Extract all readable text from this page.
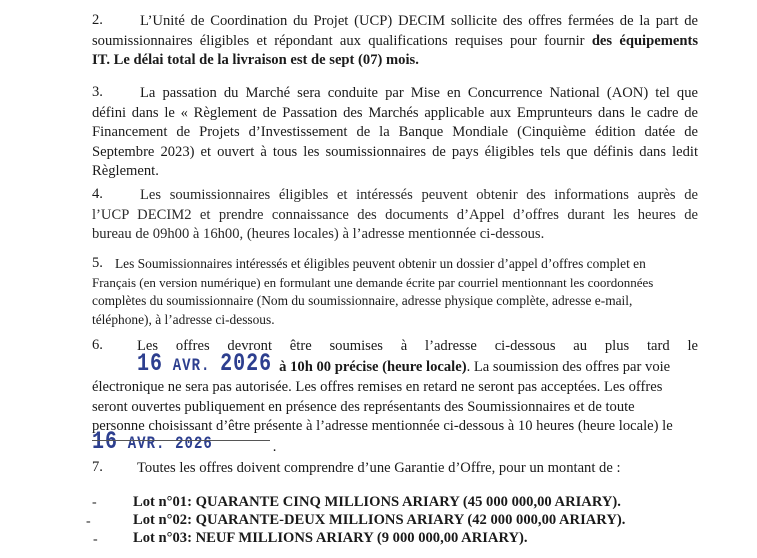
2.	L’Unité de Coordination du Projet (UCP) DECIM sollicite des offres fermées de la part de
soumissionnaires éligibles et répondant aux qualifications requises pour fournir des équipements
IT. Le délai total de la livraison est de sept (07) mois.
3.	La passation du Marché sera conduite par Mise en Concurrence National (AON) tel que
défini dans le « Règlement de Passation des Marchés applicable aux Emprunteurs dans le cadre de
Financement de Projets d’Investissement de la Banque Mondiale (Cinquième édition datée de
Septembre 2023) et ouvert à tous les soumissionnaires de pays éligibles tels que définis dans ledit
Règlement.
4.	Les soumissionnaires éligibles et intéressés peuvent obtenir des informations auprès de
l’UCP DECIM2 et prendre connaissance des documents d’Appel d’offres durant les heures de
bureau de 09h00 à 16h00, (heures locales) à l’adresse mentionnée ci-dessous.
5. Les Soumissionnaires intéressés et éligibles peuvent obtenir un dossier d’appel d’offres complet en
Français (en version numérique) en formulant une demande écrite par courriel mentionnant les coordonnées
complètes du soumissionnaire (Nom du soumissionnaire, adresse physique complète, adresse e-mail,
téléphone), à l’adresse ci-dessous.
6.	Les offres devront être soumises à l’adresse ci-dessous au plus tard le
16 AVR. 2026 à 10h 00 précise (heure locale). La soumission des offres par voie
électronique ne sera pas autorisée. Les offres remises en retard ne seront pas acceptées. Les offres
seront ouvertes publiquement en présence des représentants des Soumissionnaires et de toute
personne choisissant d’être présente à l’adresse mentionnée ci-dessous à 10 heures (heure locale) le
16 AVR. 2026	.
7. Toutes les offres doivent comprendre d’une Garantie d’Offre, pour un montant de :
- Lot n°01: QUARANTE CINQ MILLIONS ARIARY (45 000 000,00 ARIARY).
-	Lot n°02: QUARANTE-DEUX MILLIONS ARIARY (42 000 000,00 ARIARY).
- Lot n°03: NEUF MILLIONS ARIARY (9 000 000,00 ARIARY).
